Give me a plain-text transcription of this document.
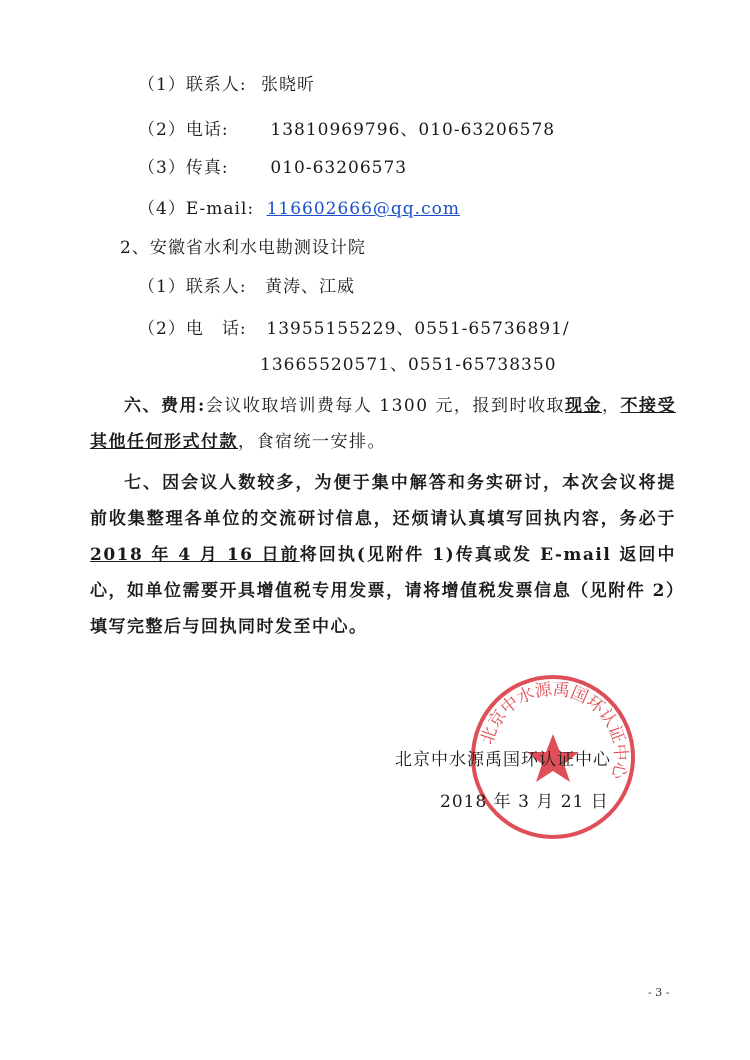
（1）联系人: 张晓昕
（2）电话: 13810969796、010-63206578
（3）传真: 010-63206573
（4）E-mail: 116602666@qq.com
2、安徽省水利水电勘测设计院
（1）联系人: 黄涛、江威
（2）电　话: 13955155229、0551-65736891/
13665520571、0551-65738350
六、费用:会议收取培训费每人 1300 元，报到时收取现金，不接受其他任何形式付款，食宿统一安排。
七、因会议人数较多，为便于集中解答和务实研讨，本次会议将提前收集整理各单位的交流研讨信息，还烦请认真填写回执内容，务必于2018 年 4 月 16 日前将回执(见附件 1)传真或发 E-mail 返回中心，如单位需要开具增值税专用发票，请将增值税发票信息（见附件 2）填写完整后与回执同时发至中心。
北京中水源禹国环认证中心
北京中水源禹国环认证中心
2018 年 3 月 21 日
- 3 -
